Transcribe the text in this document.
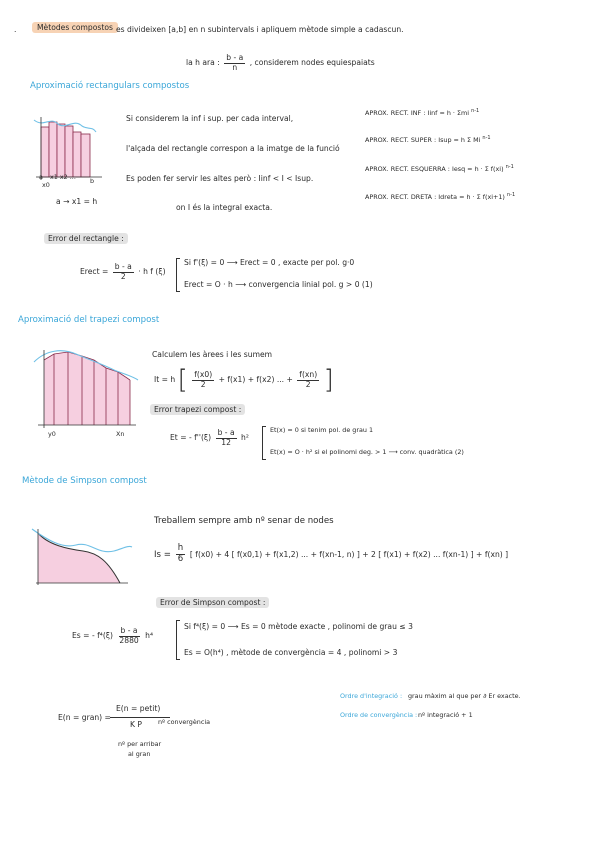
.	Mètodes compostos es divideixen [a,b] en n subintervals i apliquem mètode simple a cadascun.
la h ara : $\frac{b - a}{n}$ , considerem nodes equiespaiats
Aproximació rectangulars compostos
a
x0
x1 x2 ... b
a → x1 = h
Si considerem la inf i sup. per cada interval,
l'alçada del rectangle correspon a la imatge de la funció
Es poden fer servir les altes però : Iinf < I < Isup.
on I és la integral exacta.
APROX. RECT. INF : Iinf = h · Σmi $^{n-1}$
APROX. RECT. SUPER : Isup = h Σ Mi $^{n-1}$
APROX. RECT. ESQUERRA : Iesq = h · Σ f(xi) $^{n-1}$
APROX. RECT. DRETA : Idreta = h · Σ f(xi+1) $^{n-1}$
Error del rectangle :
Erect = $\frac{b - a}{2} \cdot h$ f (ξ)
Si f'(ξ) = 0 ⟶ Erect = 0 , exacte per pol. g·0
Erect = O · h ⟶ convergencia linial pol. g > 0 (1)
Aproximació del trapezi compost
y0	Xn
Calculem les àrees i les sumem
It = h [ $\frac{f(x0)}{2} + f(x1) + f(x2)$ ... + $\frac{f(xn)}{2}$ ]
Error trapezi compost :
Et = - $f''(\xi) \frac{b - a}{12} h^2$
Et(x) = 0 si tenim pol. de grau 1
Et(x) = O · h² si el polinomi deg. > 1 ⟶ conv. quadràtica (2)
Mètode de Simpson compost
Treballem sempre amb nº senar de nodes
$Is = \frac{h}{6}$ [ f(x0) + 4 [ f(x0,1) + f(x1,2) ... + f(xn-1, n) ] + 2 [ f(x1) + f(x2) ... f(xn-1) ] + f(xn) ]
Error de Simpson compost :
Es = - $f^4(\xi) \frac{b - a}{2880} h^4$
Si f⁴(ξ) = 0 ⟶ Es = 0 mètode exacte , polinomi de grau ≤ 3
Es = O(h⁴) , mètode de convergència = 4 , polinomi > 3
Ordre d'integració : grau màxim al que per ∂ Er exacte.
Ordre de convergència : nº integració + 1
E(n = gran) =
E(n = petit)
K P	nº convergència
nº per arribar
al gran
